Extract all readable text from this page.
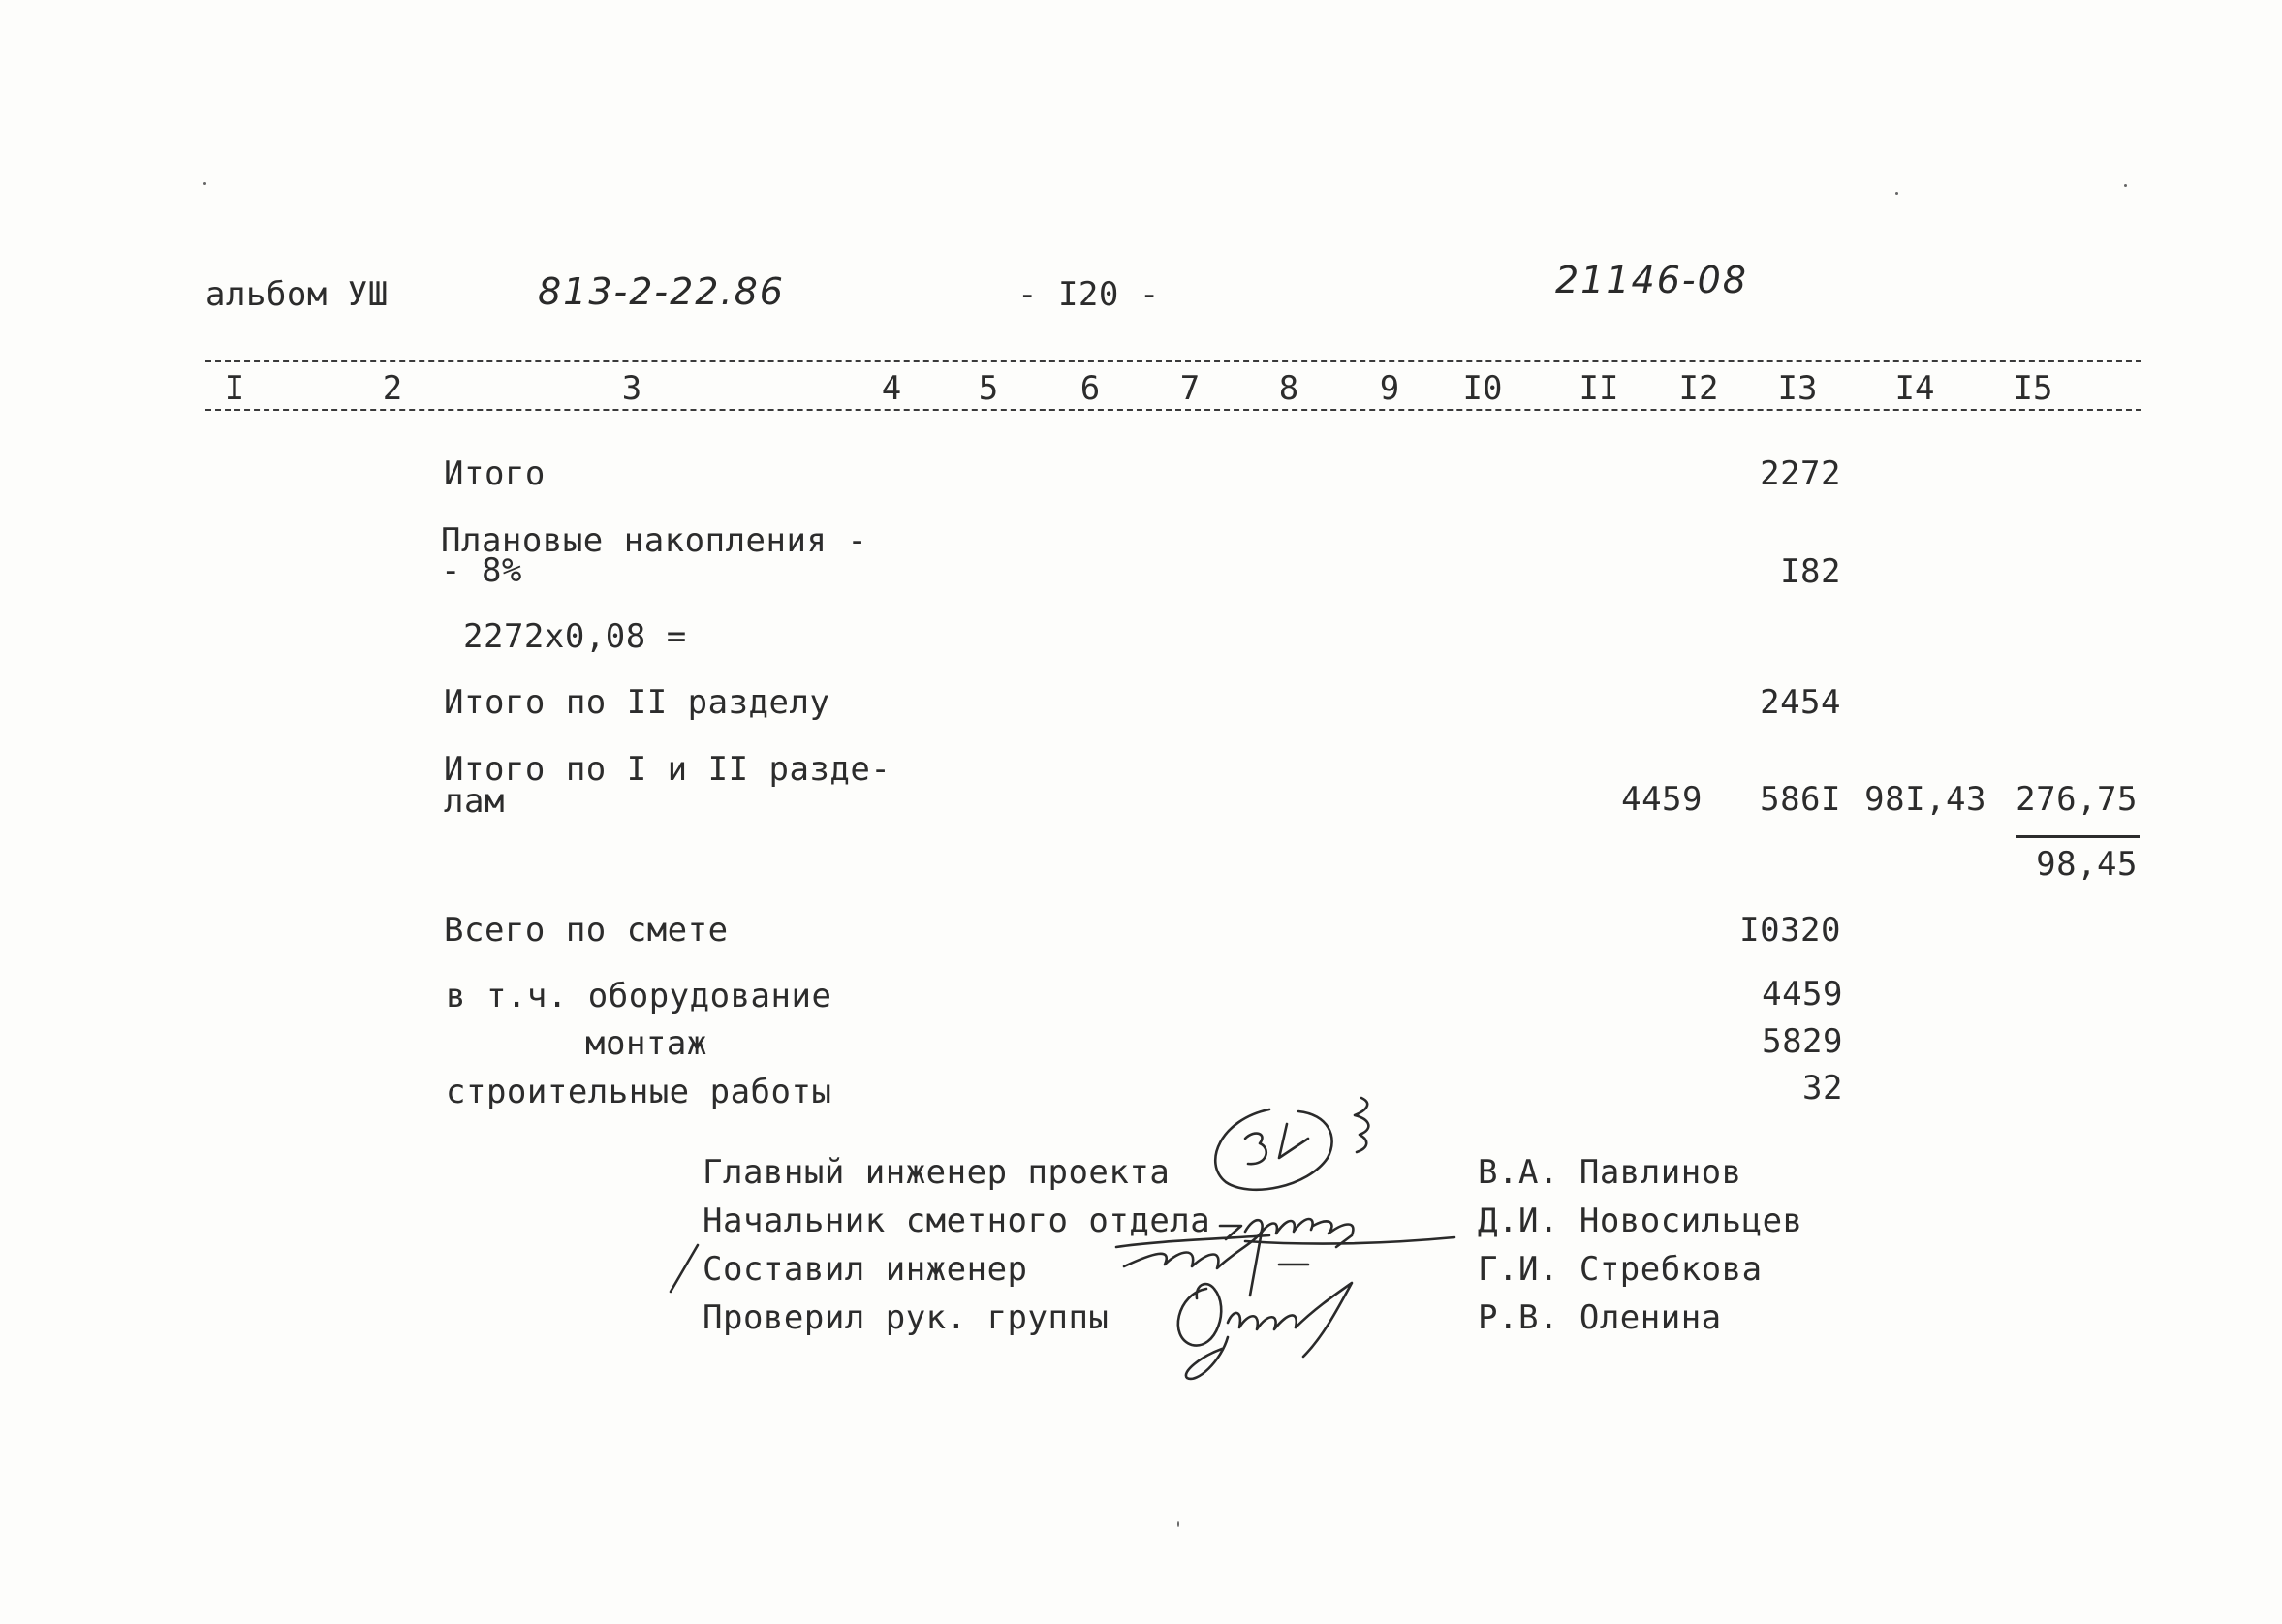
альбом УШ	813-2-22.86	- I20 -	21146-08
I	2	3	4	5	6	7	8	9	I0 II I2 I3 I4 I5
Итого	2272
Плановые накопления -
- 8%	I82
2272х0,08 =
Итого по II разделу	2454
Итого по I и II разде-
лам	4459	586I 98I,43 276,75
98,45
Всего по смете	I0320
в т.ч. оборудование	4459
монтаж	5829
строительные работы	32
Главный инженер проекта	В.А. Павлинов
Начальник сметного отдела	Д.И. Новосильцев
Составил инженер	Г.И. Стребкова
Проверил рук. группы	Р.В. Оленина
